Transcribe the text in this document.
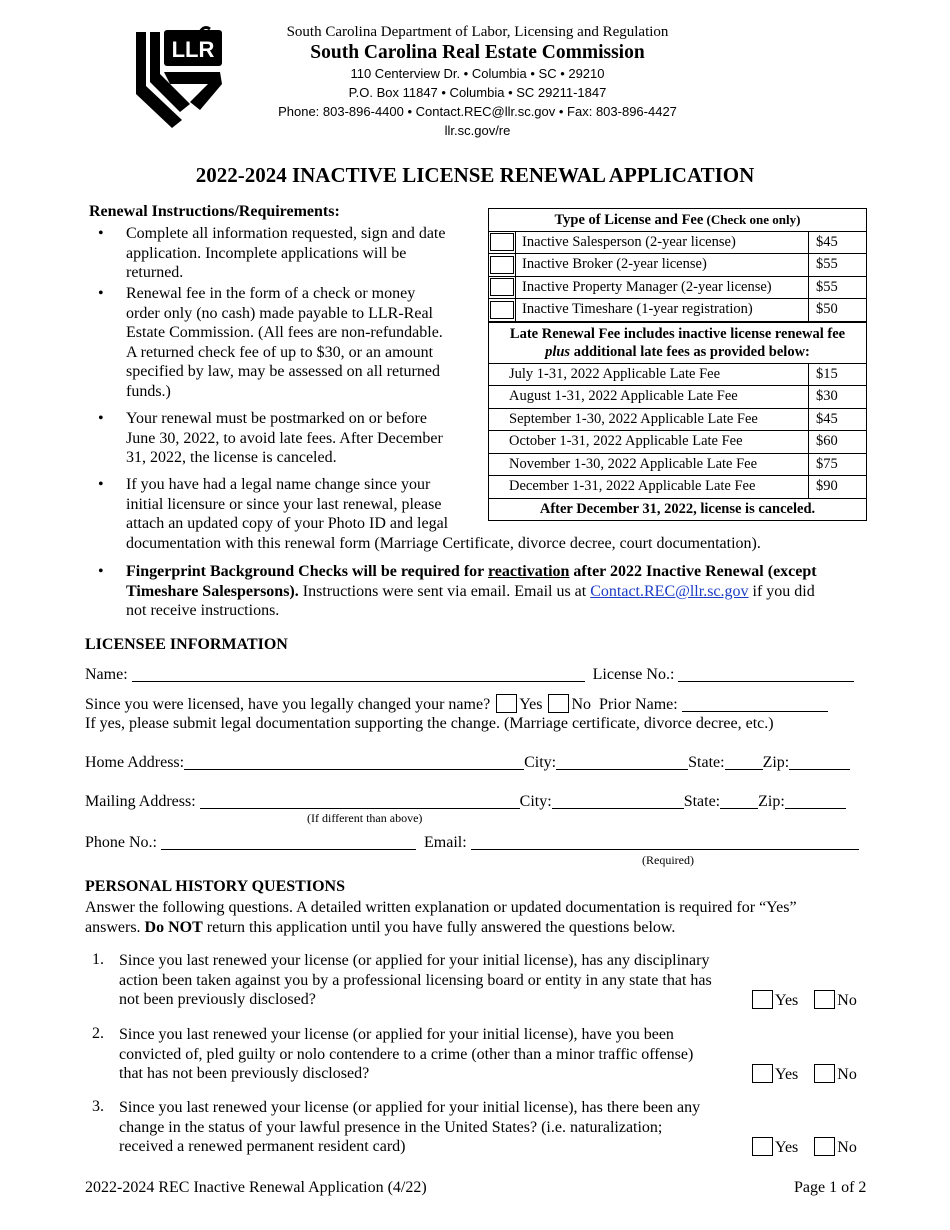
LLR
South Carolina Department of Labor, Licensing and Regulation
South Carolina Real Estate Commission
110 Centerview Dr. • Columbia • SC • 29210
P.O. Box 11847 • Columbia • SC 29211-1847
Phone: 803-896-4400 • Contact.REC@llr.sc.gov • Fax: 803-896-4427
llr.sc.gov/re
2022-2024 INACTIVE LICENSE RENEWAL APPLICATION
Renewal Instructions/Requirements:
• Complete all information requested, sign and date
application. Incomplete applications will be
returned.
• Renewal fee in the form of a check or money
order only (no cash) made payable to LLR-Real
Estate Commission. (All fees are non-refundable.
A returned check fee of up to $30, or an amount
specified by law, may be assessed on all returned
funds.)
• Your renewal must be postmarked on or before
June 30, 2022, to avoid late fees. After December
31, 2022, the license is canceled.
• If you have had a legal name change since your
initial licensure or since your last renewal, please
attach an updated copy of your Photo ID and legal
documentation with this renewal form (Marriage Certificate, divorce decree, court documentation).
• Fingerprint Background Checks will be required for reactivation after 2022 Inactive Renewal (except
Timeshare Salespersons). Instructions were sent via email. Email us at Contact.REC@llr.sc.gov if you did
not receive instructions.
Type of License and Fee (Check one only)		

	Inactive Salesperson (2-year license)	$45

	Inactive Broker (2-year license)	$55

	Inactive Property Manager (2-year license)	$55

	Inactive Timeshare (1-year registration)	$50

Late Renewal Fee includes inactive license renewal fee
plus additional late fees as provided below:		

July 1-31, 2022 Applicable Late Fee		$15
August 1-31, 2022 Applicable Late Fee		$30
September 1-30, 2022 Applicable Late Fee		$45
October 1-31, 2022 Applicable Late Fee		$60
November 1-30, 2022 Applicable Late Fee		$75
December 1-31, 2022 Applicable Late Fee		$90
After December 31, 2022, license is canceled.		
LICENSEE INFORMATION
Name:	License No.:
Since you were licensed, have you legally changed your name? Yes No Prior Name:
If yes, please submit legal documentation supporting the change. (Marriage certificate, divorce decree, etc.)
Home Address:	City:	State: Zip:
Mailing Address:	City:	State: Zip:
(If different than above)
Phone No.:	Email:
(Required)
PERSONAL HISTORY QUESTIONS
Answer the following questions. A detailed written explanation or updated documentation is required for “Yes”
answers. Do NOT return this application until you have fully answered the questions below.
1. Since you last renewed your license (or applied for your initial license), has any disciplinary
action been taken against you by a professional licensing board or entity in any state that has
not been previously disclosed?	Yes No
2. Since you last renewed your license (or applied for your initial license), have you been
convicted of, pled guilty or nolo contendere to a crime (other than a minor traffic offense)
that has not been previously disclosed?	Yes No
3. Since you last renewed your license (or applied for your initial license), has there been any
change in the status of your lawful presence in the United States? (i.e. naturalization;
received a renewed permanent resident card)	Yes No
2022-2024 REC Inactive Renewal Application (4/22)	Page 1 of 2
